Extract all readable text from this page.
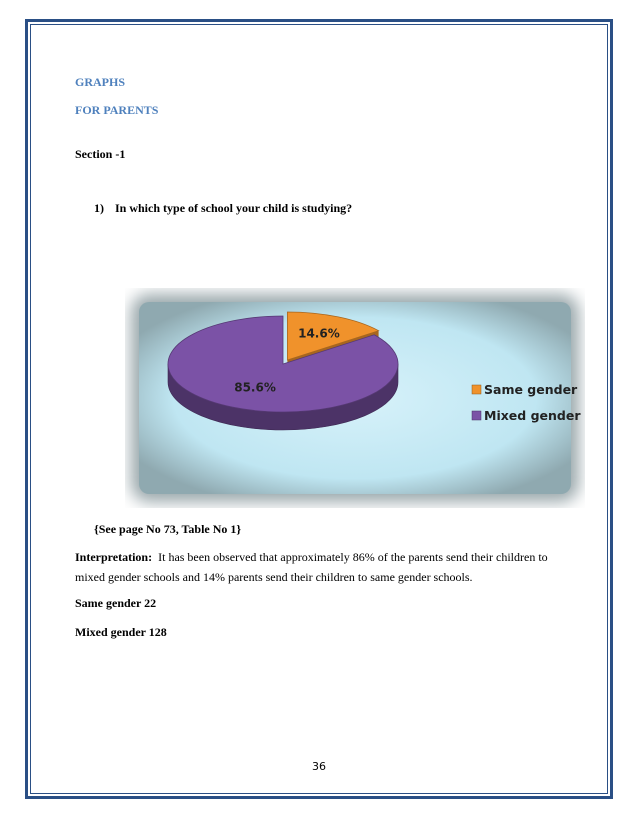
GRAPHS
FOR PARENTS
Section -1
1) In which type of school your child is studying?
14.6%
85.6%	Same gender
Mixed gender
{See page No 73, Table No 1}
Interpretation: It has been observed that approximately 86% of the parents send their children to mixed gender schools and 14% parents send their children to same gender schools.
Same gender 22
Mixed gender 128
36
